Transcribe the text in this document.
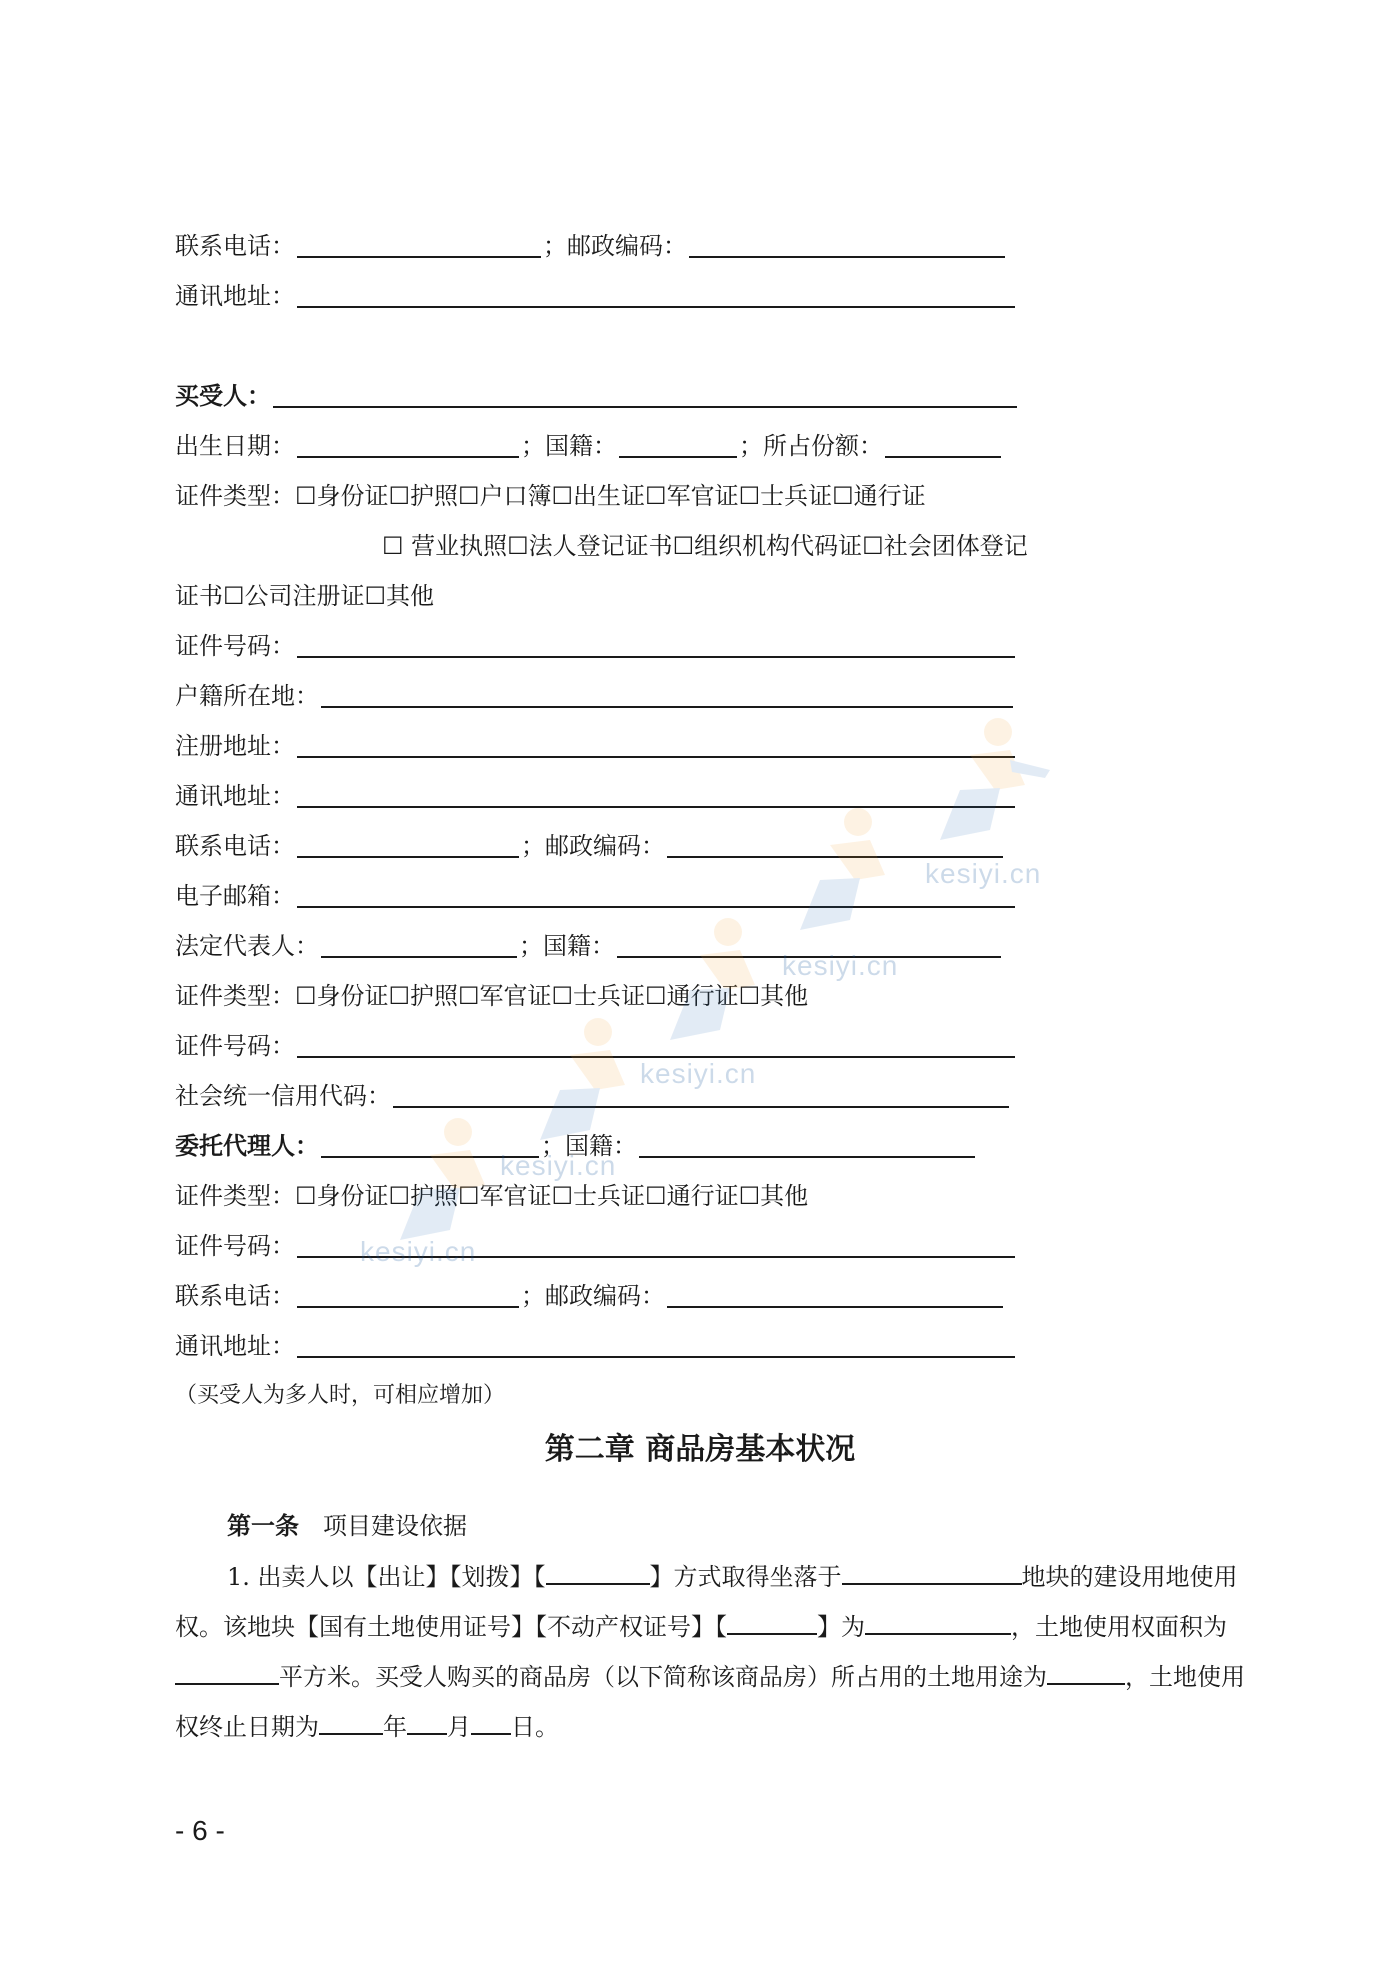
联系电话：	；邮政编码：
通讯地址：
买受人：
出生日期：	；国籍：	；所占份额：
证件类型：☐身份证☐护照☐户口簿☐出生证☐军官证☐士兵证☐通行证
☐ 营业执照☐法人登记证书☐组织机构代码证☐社会团体登记
证书☐公司注册证☐其他
证件号码：
户籍所在地：
注册地址：
通讯地址：
联系电话：	；邮政编码：
电子邮箱：
法定代表人：	；国籍：
证件类型：☐身份证☐护照☐军官证☐士兵证☐通行证☐其他
证件号码：
社会统一信用代码：
委托代理人：	；国籍：
证件类型：☐身份证☐护照☐军官证☐士兵证☐通行证☐其他
证件号码：
联系电话：	；邮政编码：
通讯地址：
（买受人为多人时，可相应增加）
第二章 商品房基本状况
第一条 项目建设依据
1. 出卖人以【出让】【划拨】【	】方式取得坐落于	地块的建设用地使用权。该地块【国有土地使用证号】【不动产权证号】【	】为	，土地使用权面积为平方米。买受人购买的商品房（以下简称该商品房）所占用的土地用途为	，土地使用权终止日期为	年 月 日。
- 6 -
kesiyi.cn
kesiyi.cn
kesiyi.cn
kesiyi.cn
kesiyi.cn
